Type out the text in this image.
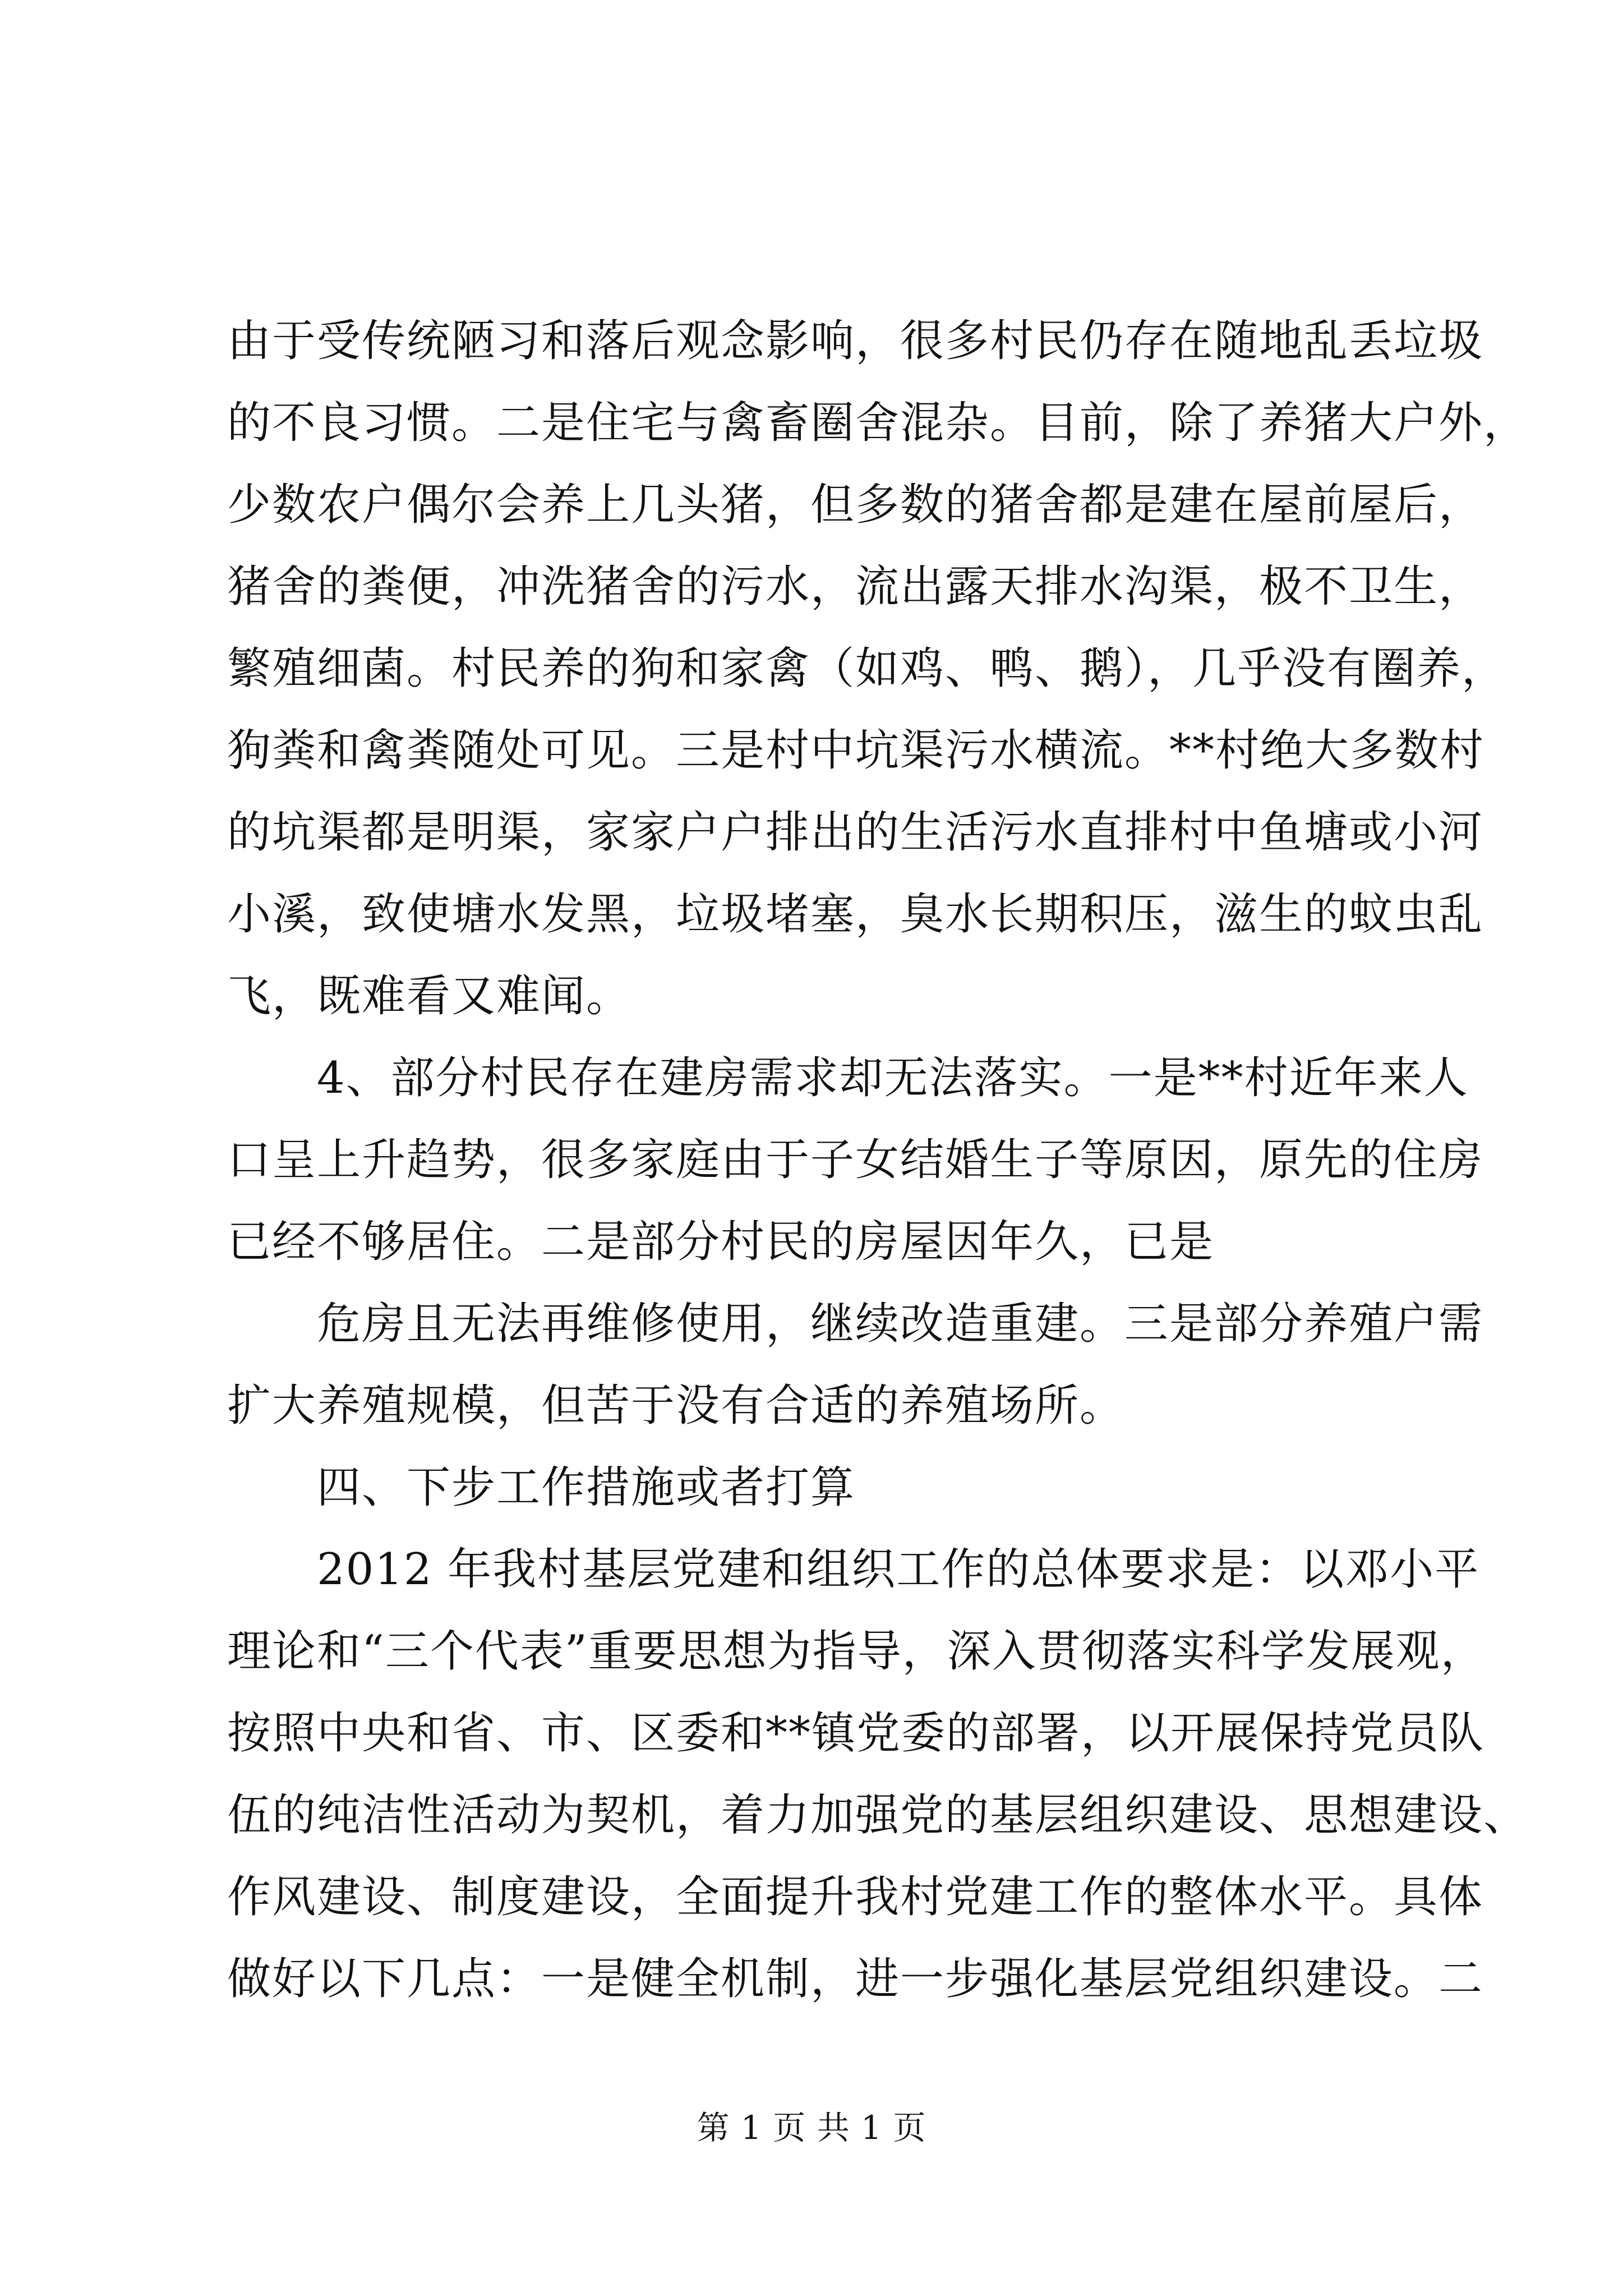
由于受传统陋习和落后观念影响，很多村民仍存在随地乱丢垃圾
的不良习惯。二是住宅与禽畜圈舍混杂。目前，除了养猪大户外，
少数农户偶尔会养上几头猪，但多数的猪舍都是建在屋前屋后，
猪舍的粪便，冲洗猪舍的污水，流出露天排水沟渠，极不卫生，
繁殖细菌。村民养的狗和家禽（如鸡、鸭、鹅），几乎没有圈养，
狗粪和禽粪随处可见。三是村中坑渠污水横流。**村绝大多数村
的坑渠都是明渠，家家户户排出的生活污水直排村中鱼塘或小河
小溪，致使塘水发黑，垃圾堵塞，臭水长期积压，滋生的蚊虫乱
飞，既难看又难闻。
4、部分村民存在建房需求却无法落实。一是**村近年来人
口呈上升趋势，很多家庭由于子女结婚生子等原因，原先的住房
已经不够居住。二是部分村民的房屋因年久，已是
危房且无法再维修使用，继续改造重建。三是部分养殖户需
扩大养殖规模，但苦于没有合适的养殖场所。
四、下步工作措施或者打算
2012 年我村基层党建和组织工作的总体要求是：以邓小平
理论和“三个代表”重要思想为指导，深入贯彻落实科学发展观，
按照中央和省、市、区委和**镇党委的部署，以开展保持党员队
伍的纯洁性活动为契机，着力加强党的基层组织建设、思想建设、
作风建设、制度建设，全面提升我村党建工作的整体水平。具体
做好以下几点：一是健全机制，进一步强化基层党组织建设。二
第 1 页 共 1 页
